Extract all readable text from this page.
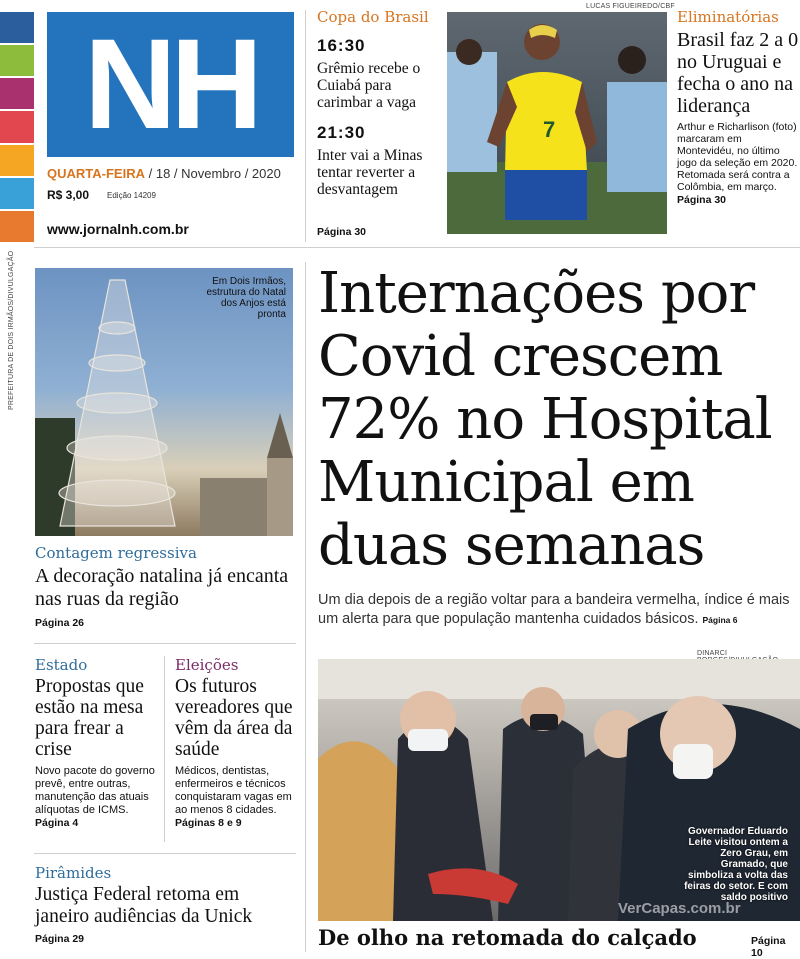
NH
QUARTA-FEIRA / 18 / Novembro / 2020
R$ 3,00 Edição 14209
www.jornalnh.com.br
Copa do Brasil
16:30
Grêmio recebe o Cuiabá para carimbar a vaga
21:30
Inter vai a Minas tentar reverter a desvantagem
Página 30
LUCAS FIGUEIREDO/CBF
7
Eliminatórias
Brasil faz 2 a 0 no Uruguai e fecha o ano na liderança
Arthur e Richarlison (foto) marcaram em Montevidéu, no último jogo da seleção em 2020. Retomada será contra a Colômbia, em março.
Página 30
PREFEITURA DE DOIS IRMÃOS/DIVULGAÇÃO	Em Dois Irmãos, estrutura do Natal dos Anjos está pronta
Contagem regressiva
A decoração natalina já encanta nas ruas da região
Página 26
Estado
Propostas que estão na mesa para frear a crise
Novo pacote do governo prevê, entre outras, manutenção das atuais alíquotas de ICMS. Página 4
Eleições
Os futuros vereadores que vêm da área da saúde
Médicos, dentistas, enfermeiros e técnicos conquistaram vagas em ao menos 8 cidades. Páginas 8 e 9
Pirâmides
Justiça Federal retoma em janeiro audiências da Unick
Página 29
Internações por Covid crescem 72% no Hospital Municipal em duas semanas
Um dia depois de a região voltar para a bandeira vermelha, índice é mais um alerta para que população mantenha cuidados básicos. Página 6
DINARCI
Governador Eduardo Leite visitou ontem a Zero Grau, em Gramado, que simboliza a volta das feiras do setor. E com saldo positivo
VerCapas.com.br
De olho na retomada do calçado	Página 10
